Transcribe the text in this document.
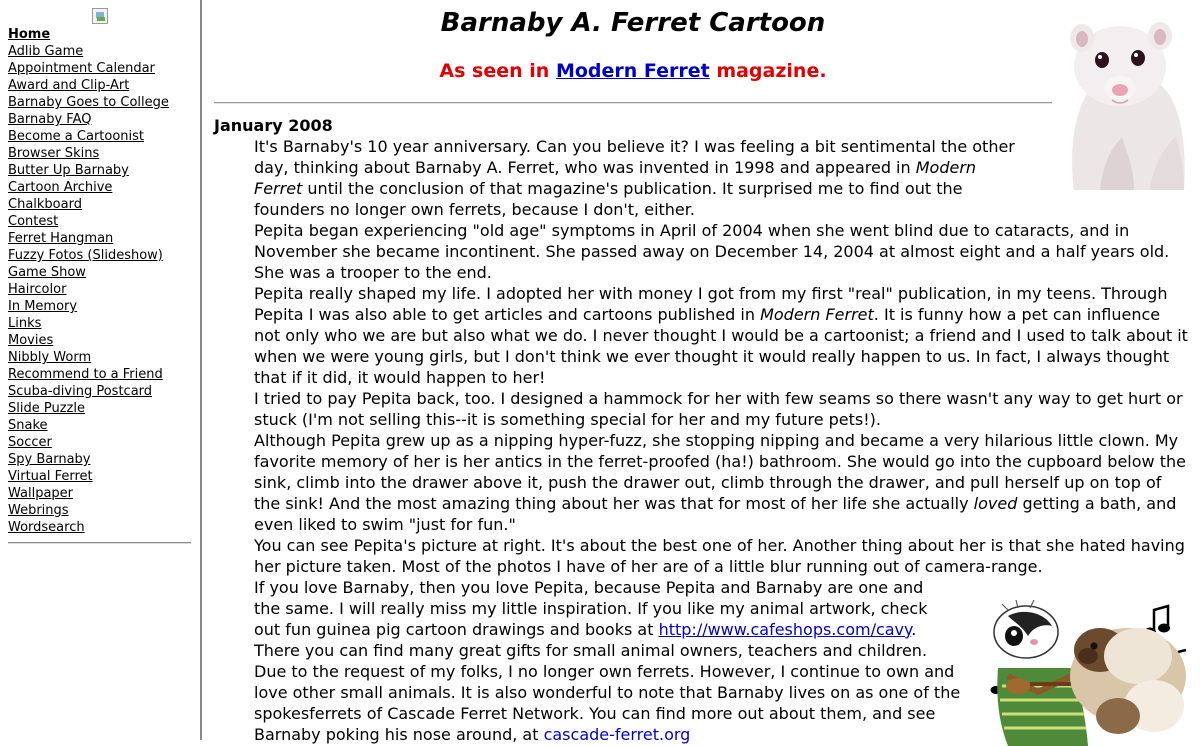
Home
Adlib Game
Appointment Calendar
Award and Clip-Art
Barnaby Goes to College
Barnaby FAQ
Become a Cartoonist
Browser Skins
Butter Up Barnaby
Cartoon Archive
Chalkboard
Contest
Ferret Hangman
Fuzzy Fotos (Slideshow)
Game Show
Haircolor
In Memory
Links
Movies
Nibbly Worm
Recommend to a Friend
Scuba-diving Postcard
Slide Puzzle
Snake
Soccer
Spy Barnaby
Virtual Ferret
Wallpaper
Webrings
Wordsearch
Barnaby A. Ferret Cartoon
As seen in Modern Ferret magazine.
January 2008

It's Barnaby's 10 year anniversary. Can you believe it? I was feeling a bit sentimental the other day, thinking about Barnaby A. Ferret, who was invented in 1998 and appeared in Modern Ferret until the conclusion of that magazine's publication. It surprised me to find out the founders no longer own ferrets, because I don't, either.

Pepita began experiencing "old age" symptoms in April of 2004 when she went blind due to cataracts, and in November she became incontinent. She passed away on December 14, 2004 at almost eight and a half years old. She was a trooper to the end.

Pepita really shaped my life. I adopted her with money I got from my first "real" publication, in my teens. Through Pepita I was also able to get articles and cartoons published in Modern Ferret. It is funny how a pet can influence not only who we are but also what we do. I never thought I would be a cartoonist; a friend and I used to talk about it when we were young girls, but I don't think we ever thought it would really happen to us. In fact, I always thought that if it did, it would happen to her!

I tried to pay Pepita back, too. I designed a hammock for her with few seams so there wasn't any way to get hurt or stuck (I'm not selling this--it is something special for her and my future pets!).

Although Pepita grew up as a nipping hyper-fuzz, she stopping nipping and became a very hilarious little clown. My favorite memory of her is her antics in the ferret-proofed (ha!) bathroom. She would go into the cupboard below the sink, climb into the drawer above it, push the drawer out, climb through the drawer, and pull herself up on top of the sink! And the most amazing thing about her was that for most of her life she actually loved getting a bath, and even liked to swim "just for fun."

You can see Pepita's picture at right. It's about the best one of her. Another thing about her is that she hated having her picture taken. Most of the photos I have of her are of a little blur running out of camera-range.

If you love Barnaby, then you love Pepita, because Pepita and Barnaby are one and the same. I will really miss my little inspiration. If you like my animal artwork, check out fun guinea pig cartoon drawings and books at http://www.cafeshops.com/cavy. There you can find many great gifts for small animal owners, teachers and children.

Due to the request of my folks, I no longer own ferrets. However, I continue to own and love other small animals. It is also wonderful to note that Barnaby lives on as one of the spokesferrets of Cascade Ferret Network. You can find more out about them, and see Barnaby poking his nose around, at cascade-ferret.org
